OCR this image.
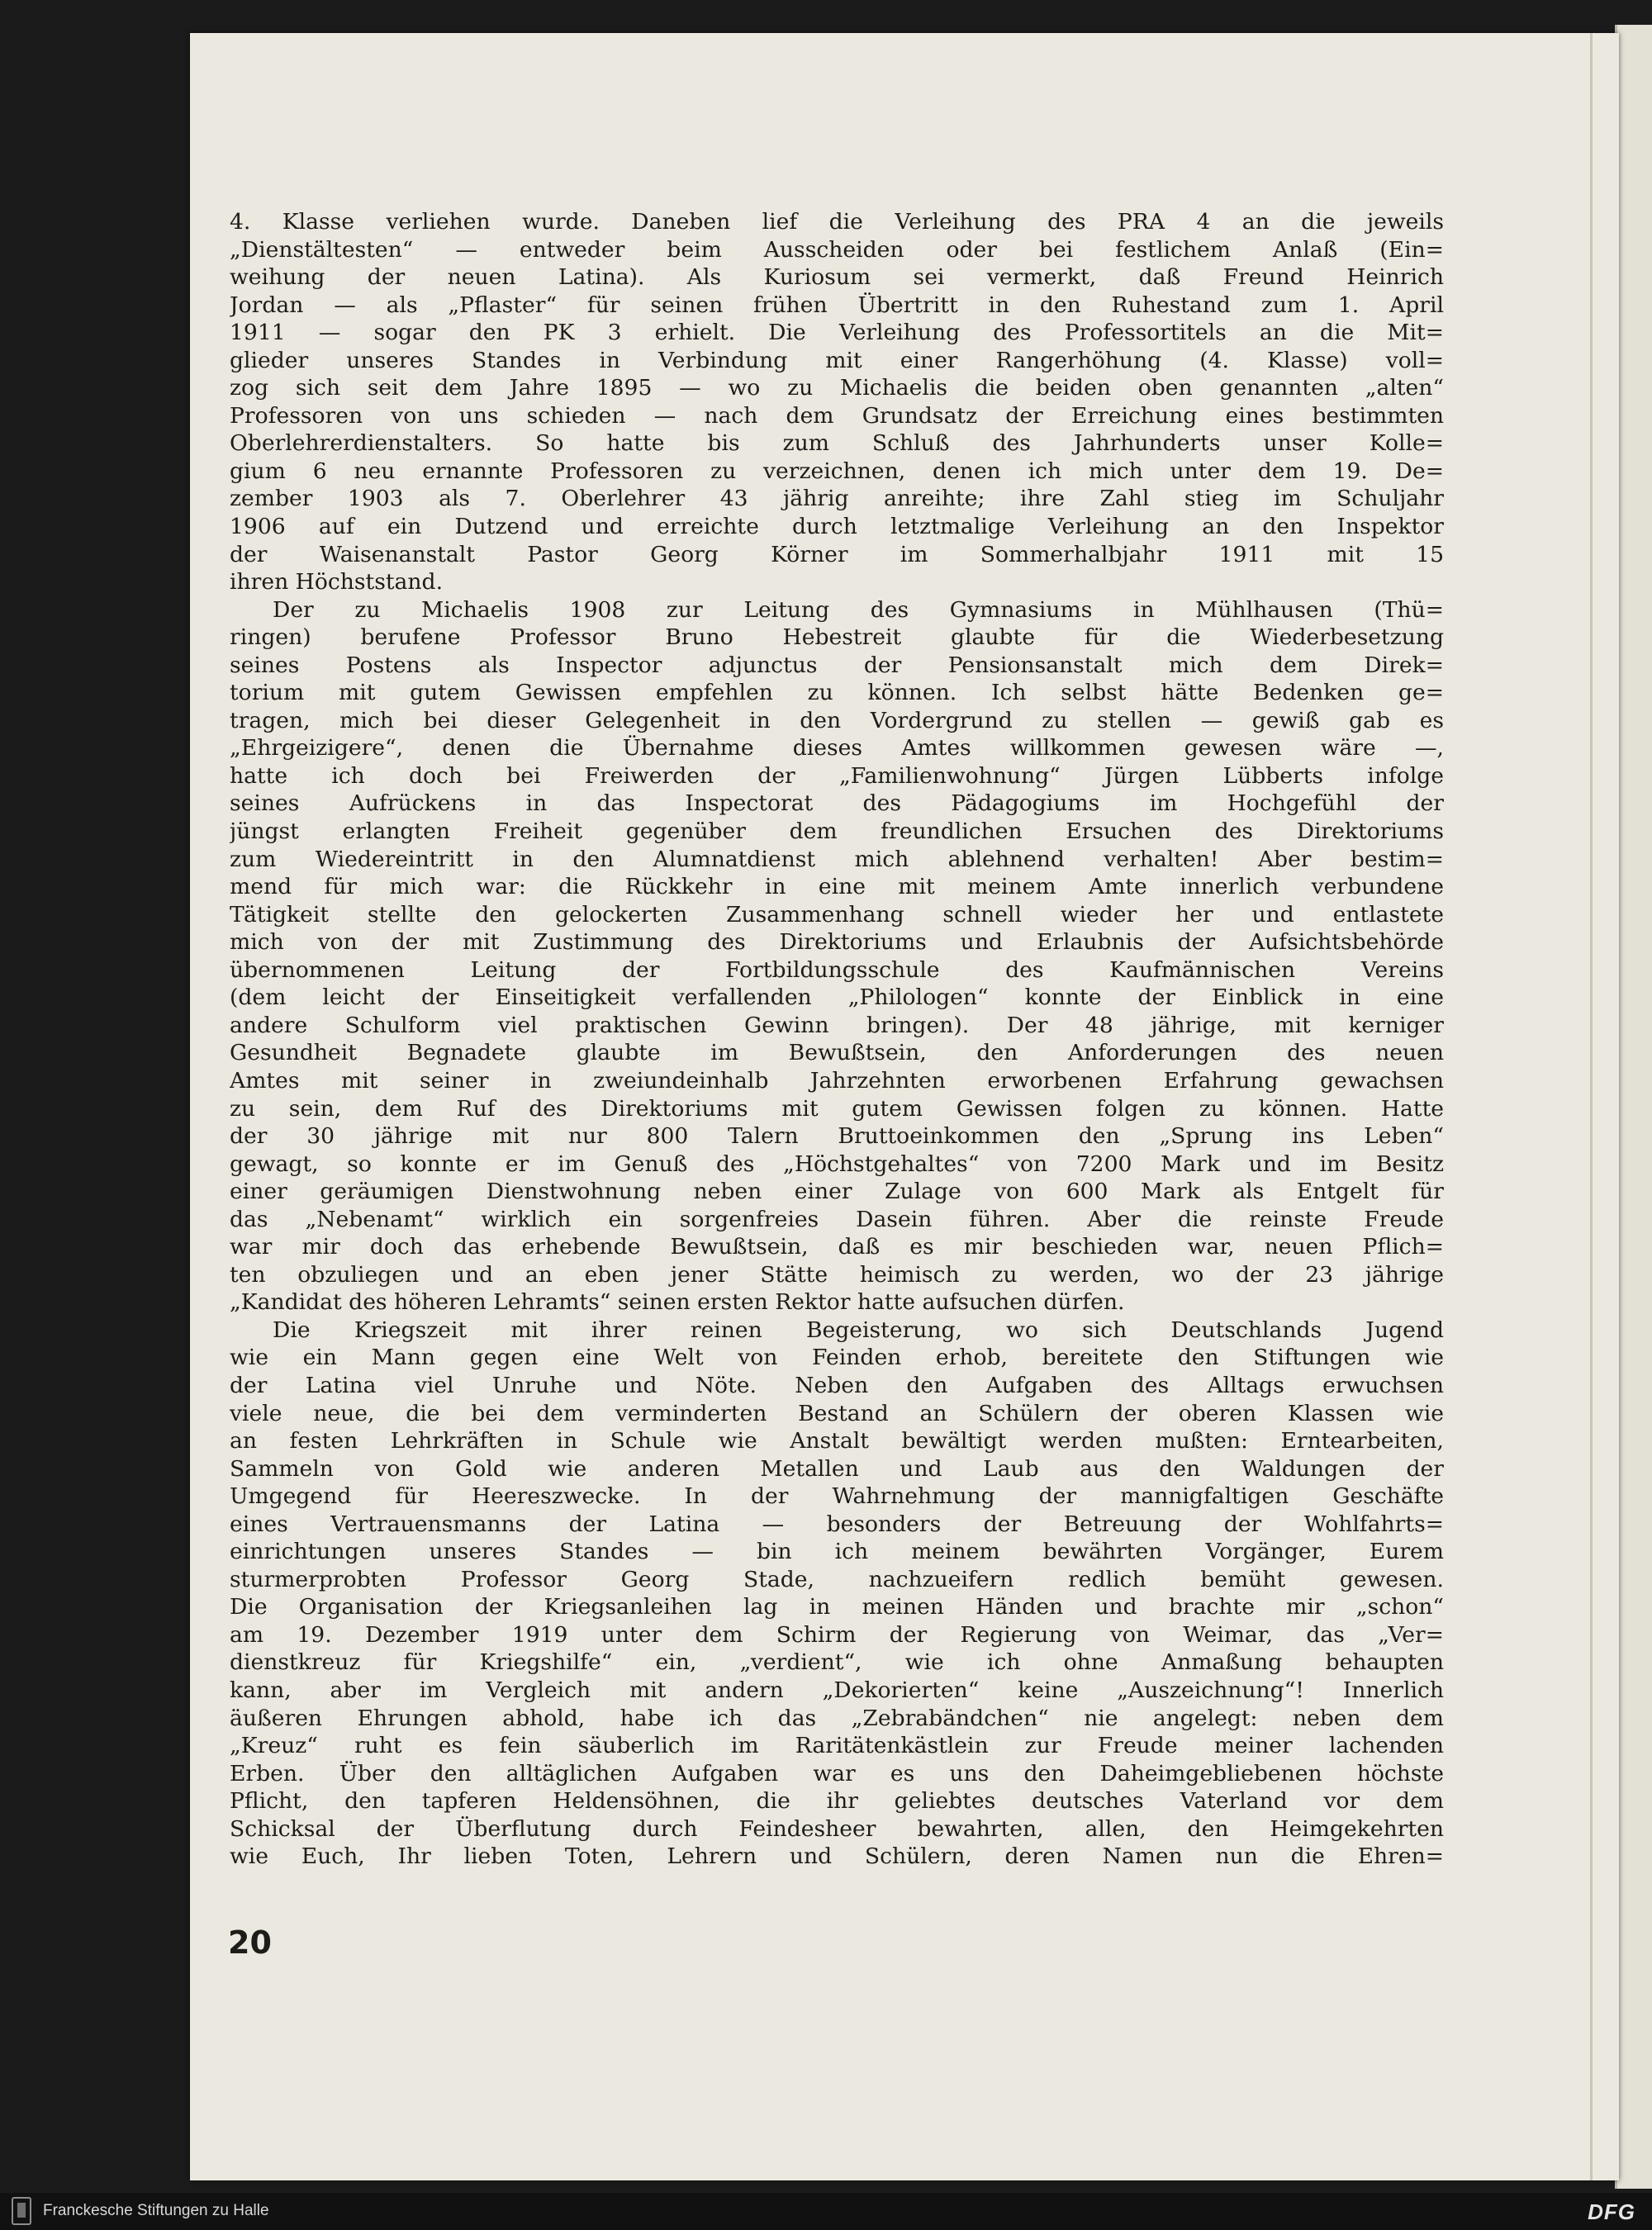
4. Klasse verliehen wurde. Daneben lief die Verleihung des PRA 4 an die jeweils
„Dienstältesten“ — entweder beim Ausscheiden oder bei festlichem Anlaß (Ein=
weihung der neuen Latina). Als Kuriosum sei vermerkt, daß Freund Heinrich
Jordan — als „Pflaster“ für seinen frühen Übertritt in den Ruhestand zum 1. April
1911 — sogar den PK 3 erhielt. Die Verleihung des Professortitels an die Mit=
glieder unseres Standes in Verbindung mit einer Rangerhöhung (4. Klasse) voll=
zog sich seit dem Jahre 1895 — wo zu Michaelis die beiden oben genannten „alten“
Professoren von uns schieden — nach dem Grundsatz der Erreichung eines bestimmten
Oberlehrerdienstalters. So hatte bis zum Schluß des Jahrhunderts unser Kolle=
gium 6 neu ernannte Professoren zu verzeichnen, denen ich mich unter dem 19. De=
zember 1903 als 7. Oberlehrer 43 jährig anreihte; ihre Zahl stieg im Schuljahr
1906 auf ein Dutzend und erreichte durch letztmalige Verleihung an den Inspektor
der Waisenanstalt Pastor Georg Körner im Sommerhalbjahr 1911 mit 15
ihren Höchststand.
Der zu Michaelis 1908 zur Leitung des Gymnasiums in Mühlhausen (Thü=
ringen) berufene Professor Bruno Hebestreit glaubte für die Wiederbesetzung
seines Postens als Inspector adjunctus der Pensionsanstalt mich dem Direk=
torium mit gutem Gewissen empfehlen zu können. Ich selbst hätte Bedenken ge=
tragen, mich bei dieser Gelegenheit in den Vordergrund zu stellen — gewiß gab es
„Ehrgeizigere“, denen die Übernahme dieses Amtes willkommen gewesen wäre —,
hatte ich doch bei Freiwerden der „Familienwohnung“ Jürgen Lübberts infolge
seines Aufrückens in das Inspectorat des Pädagogiums im Hochgefühl der
jüngst erlangten Freiheit gegenüber dem freundlichen Ersuchen des Direktoriums
zum Wiedereintritt in den Alumnatdienst mich ablehnend verhalten! Aber bestim=
mend für mich war: die Rückkehr in eine mit meinem Amte innerlich verbundene
Tätigkeit stellte den gelockerten Zusammenhang schnell wieder her und entlastete
mich von der mit Zustimmung des Direktoriums und Erlaubnis der Aufsichtsbehörde
übernommenen Leitung der Fortbildungsschule des Kaufmännischen Vereins
(dem leicht der Einseitigkeit verfallenden „Philologen“ konnte der Einblick in eine
andere Schulform viel praktischen Gewinn bringen). Der 48 jährige, mit kerniger
Gesundheit Begnadete glaubte im Bewußtsein, den Anforderungen des neuen
Amtes mit seiner in zweiundeinhalb Jahrzehnten erworbenen Erfahrung gewachsen
zu sein, dem Ruf des Direktoriums mit gutem Gewissen folgen zu können. Hatte
der 30 jährige mit nur 800 Talern Bruttoeinkommen den „Sprung ins Leben“
gewagt, so konnte er im Genuß des „Höchstgehaltes“ von 7200 Mark und im Besitz
einer geräumigen Dienstwohnung neben einer Zulage von 600 Mark als Entgelt für
das „Nebenamt“ wirklich ein sorgenfreies Dasein führen. Aber die reinste Freude
war mir doch das erhebende Bewußtsein, daß es mir beschieden war, neuen Pflich=
ten obzuliegen und an eben jener Stätte heimisch zu werden, wo der 23 jährige
„Kandidat des höheren Lehramts“ seinen ersten Rektor hatte aufsuchen dürfen.
Die Kriegszeit mit ihrer reinen Begeisterung, wo sich Deutschlands Jugend
wie ein Mann gegen eine Welt von Feinden erhob, bereitete den Stiftungen wie
der Latina viel Unruhe und Nöte. Neben den Aufgaben des Alltags erwuchsen
viele neue, die bei dem verminderten Bestand an Schülern der oberen Klassen wie
an festen Lehrkräften in Schule wie Anstalt bewältigt werden mußten: Erntearbeiten,
Sammeln von Gold wie anderen Metallen und Laub aus den Waldungen der
Umgegend für Heereszwecke. In der Wahrnehmung der mannigfaltigen Geschäfte
eines Vertrauensmanns der Latina — besonders der Betreuung der Wohlfahrts=
einrichtungen unseres Standes — bin ich meinem bewährten Vorgänger, Eurem
sturmerprobten Professor Georg Stade, nachzueifern redlich bemüht gewesen.
Die Organisation der Kriegsanleihen lag in meinen Händen und brachte mir „schon“
am 19. Dezember 1919 unter dem Schirm der Regierung von Weimar, das „Ver=
dienstkreuz für Kriegshilfe“ ein, „verdient“, wie ich ohne Anmaßung behaupten
kann, aber im Vergleich mit andern „Dekorierten“ keine „Auszeichnung“! Innerlich
äußeren Ehrungen abhold, habe ich das „Zebrabändchen“ nie angelegt: neben dem
„Kreuz“ ruht es fein säuberlich im Raritätenkästlein zur Freude meiner lachenden
Erben. Über den alltäglichen Aufgaben war es uns den Daheimgebliebenen höchste
Pflicht, den tapferen Heldensöhnen, die ihr geliebtes deutsches Vaterland vor dem
Schicksal der Überflutung durch Feindesheer bewahrten, allen, den Heimgekehrten
wie Euch, Ihr lieben Toten, Lehrern und Schülern, deren Namen nun die Ehren=
20
Franckesche Stiftungen zu Halle	DFG
